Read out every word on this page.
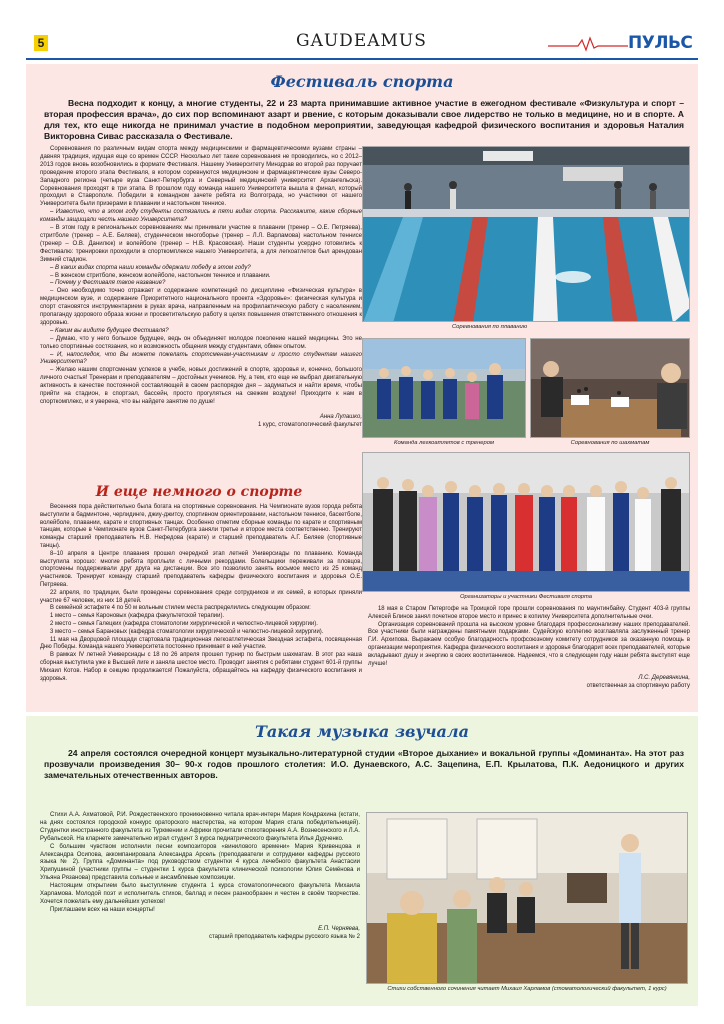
5	GAUDEAMUS	ПУЛЬС
Фестиваль спорта
Весна подходит к концу, а многие студенты, 22 и 23 марта принимавшие активное участие в ежегодном фестивале «Физкультура и спорт – вторая профессия врача», до сих пор вспоминают азарт и рвение, с которым доказывали свое лидерство не только в медицине, но и в спорте. А для тех, кто еще никогда не принимал участие в подобном мероприятии, заведующая кафедрой физического воспитания и здоровья Наталия Викторовна Сивас рассказала о Фестивале.

Соревнования по различным видам спорта между медицинскими и фармацевтическими вузами страны – давняя традиция, идущая еще со времен СССР. Несколько лет такие соревнования не проводились, но с 2012–2013 годов вновь возобновились в формате Фестиваля. Нашему Университету Минздрав во второй раз поручает проведение второго этапа Фестиваля, в котором соревнуются медицинские и фармацевтические вузы Северо-Западного региона (четыре вуза Санкт-Петербурга и Северный медицинский университет Архангельска). Соревнования проходят в три этапа. В прошлом году команда нашего Университета вышла в финал, который проходил в Ставрополе. Победили в командном зачете ребята из Волгограда, но участники от нашего Университета были призерами в плавании и настольном теннисе.

– Известно, что в этом году студенты состязались в пяти видах спорта. Расскажите, какие сборные команды защищали честь нашего Университета?

– В этом году в региональных соревнованиях мы принимали участие в плавании (тренер – О.Е. Петряева), стритболе (тренер – А.Е. Беляев), студенческом многоборье (тренер – Л.Л. Варламова) настольном теннисе (тренер – О.В. Данилюк) и волейболе (тренер – Н.В. Красовская). Наши студенты усердно готовились к Фестивалю: тренировки проходили в спорткомплексе нашего Университета, а для легкоатлетов был арендован Зимний стадион.

– В каких видах спорта наши команды одержали победу в этом году?

– В женском стритболе, женском волейболе, настольном теннисе и плавании.

– Почему у Фестиваля такое название?

– Оно необходимо точно отражает и содержание компетенций по дисциплине «Физическая культура» в медицинском вузе, и содержание Приоритетного национального проекта «Здоровье»: физическая культура и спорт становятся инструментарием в руках врача, направленным на профилактическую работу с населением, пропаганду здорового образа жизни и просветительскую работу в целях повышения ответственного отношения к здоровью.

– Каким вы видите будущее Фестиваля?

– Думаю, что у него большое будущее, ведь он объединяет молодое поколение нашей медицины. Это не только спортивные состязания, но и возможность общения между студентами, обмен опытом.

– И, напоследок, что Вы можете пожелать спортсменам-участникам и просто студентам нашего Университета?

– Желаю нашим спортсменам успехов в учебе, новых достижений в спорте, здоровья и, конечно, большого личного счастья! Тренерам и преподавателям – достойных учеников. Ну, а тем, кто еще не выбрал двигательную активность в качестве постоянной составляющей в своем распорядке дня – задуматься и найти время, чтобы прийти на стадион, в спортзал, бассейн, просто прогуляться на свежем воздухе! Приходите к нам в спорткомплекс, и я уверена, что вы найдете занятие по душе!

Анна Лупашко,
1 курс, стоматологический факультет
Соревнования по плаванию
Команда легкоатлетов с тренером	Соревнования по шахматам
Организаторы и участники Фестиваля спорта
И еще немного о спорте

Весенняя пора действительно была богата на спортивные соревнования. На Чемпионате вузов города ребята выступили в бадминтоне, черлидинге, джиу-джитсу, спортивном ориентировании, настольном теннисе, баскетболе, волейболе, плавании, карате и спортивных танцах. Особенно отметим сборные команды по карате и спортивным танцам, которые в Чемпионате вузов Санкт-Петербурга заняли третье и второе места соответственно. Тренируют команды старший преподаватель Н.В. Нефедова (карате) и старший преподаватель А.Г. Беляев (спортивные танцы).

8–10 апреля в Центре плавания прошел очередной этап летней Универсиады по плаванию. Команда выступила хорошо: многие ребята проплыли с личными рекордами. Болельщики переживали за пловцов, спортсмены поддерживали друг друга на дистанции. Все это позволило занять восьмое место из 25 команд участников. Тренирует команду старший преподаватель кафедры физического воспитания и здоровья О.Е. Петряева.

22 апреля, по традиции, были проведены соревнования среди сотрудников и их семей, в которых приняли участие 67 человек, из них 18 детей.

В семейной эстафете 4 по 50 м вольным стилем места распределились следующим образом:

1 место – семья Кароновых (кафедра факультетской терапии).

2 место – семья Галецких (кафедра стоматологии хирургической и челюстно-лицевой хирургии).

3 место – семья Барановых (кафедра стоматологии хирургической и челюстно-лицевой хирургии).

11 мая на Дворцовой площади стартовала традиционная легкоатлетическая Звездная эстафета, посвященная Дню Победы. Команда нашего Университета постоянно принимает в ней участие.

В рамках IV летней Универсиады с 18 по 26 апреля прошел турнир по быстрым шахматам. В этот раз наша сборная выступила уже в Высшей лиге и заняла шестое место. Проводит занятия с ребятами студент 601-й группы Михаил Котов. Набор в секцию продолжается! Пожалуйста, обращайтесь на кафедру физического воспитания и здоровья.

18 мая в Старом Петергофе на Троицкой горе прошли соревнования по маунтинбайку. Студент 403-й группы Алексей Блинов занял почетное второе место и принес в копилку Университета дополнительные очки.

Организация соревнований прошла на высоком уровне благодаря профессионализму наших преподавателей. Все участники были награждены памятными подарками. Судейскую коллегию возглавляла заслуженный тренер Г.И. Архипова. Выражаем особую благодарность профсоюзному комитету сотрудников за оказанную помощь в организации мероприятия. Кафедра физического воспитания и здоровья благодарит всех преподавателей, которые вкладывают душу и энергию в своих воспитанников. Надеемся, что в следующем году наши ребята выступят еще лучше!

Л.С. Деревянкина,
ответственная за спортивную работу
Такая музыка звучала
24 апреля состоялся очередной концерт музыкально-литературной студии «Второе дыхание» и вокальной группы «Доминанта». На этот раз прозвучали произведения 30– 90-х годов прошлого столетия: И.О. Дунаевского, А.С. Зацепина, Е.П. Крылатова, П.К. Аедоницкого и других замечательных отечественных авторов.

Стихи А.А. Ахматовой, Р.И. Рождественского проникновенно читала врач-интерн Мария Кондрахина (кстати, на днях состоялся городской конкурс ораторского мастерства, на котором Мария стала победительницей). Студентки иностранного факультета из Туркмении и Африки прочитали стихотворения А.А. Вознесенского и Л.А. Рубальской. На кларнете замечательно играл студент 3 курса педиатрического факультета Илья Дудченко.

С большим чувством исполнили песни композиторов «винилового времени» Мария Кривенцова и Александра Осипова, аккомпанировала Александра Арсель (преподаватели и сотрудники кафедры русского языка № 2). Группа «Доминанта» под руководством студентки 4 курса лечебного факультета Анастасии Хрипушиной (участники группы – студентки 1 курса факультета клинической психологии Юлия Семёнова и Ульяна Рязанова) представила сольные и ансамблевые композиции.

Настоящим открытием было выступление студента 1 курса стоматологического факультета Михаила Харламова. Молодой поэт и исполнитель стихов, баллад и песен разнообразен и честен в своём творчестве. Хочется пожелать ему дальнейших успехов!

Приглашаем всех на наши концерты!

Е.П. Черняева,
старший преподаватель кафедры русского языка № 2
Стихи собственного сочинения читает Михаил Харламов (стоматологический факультет, 1 курс)
